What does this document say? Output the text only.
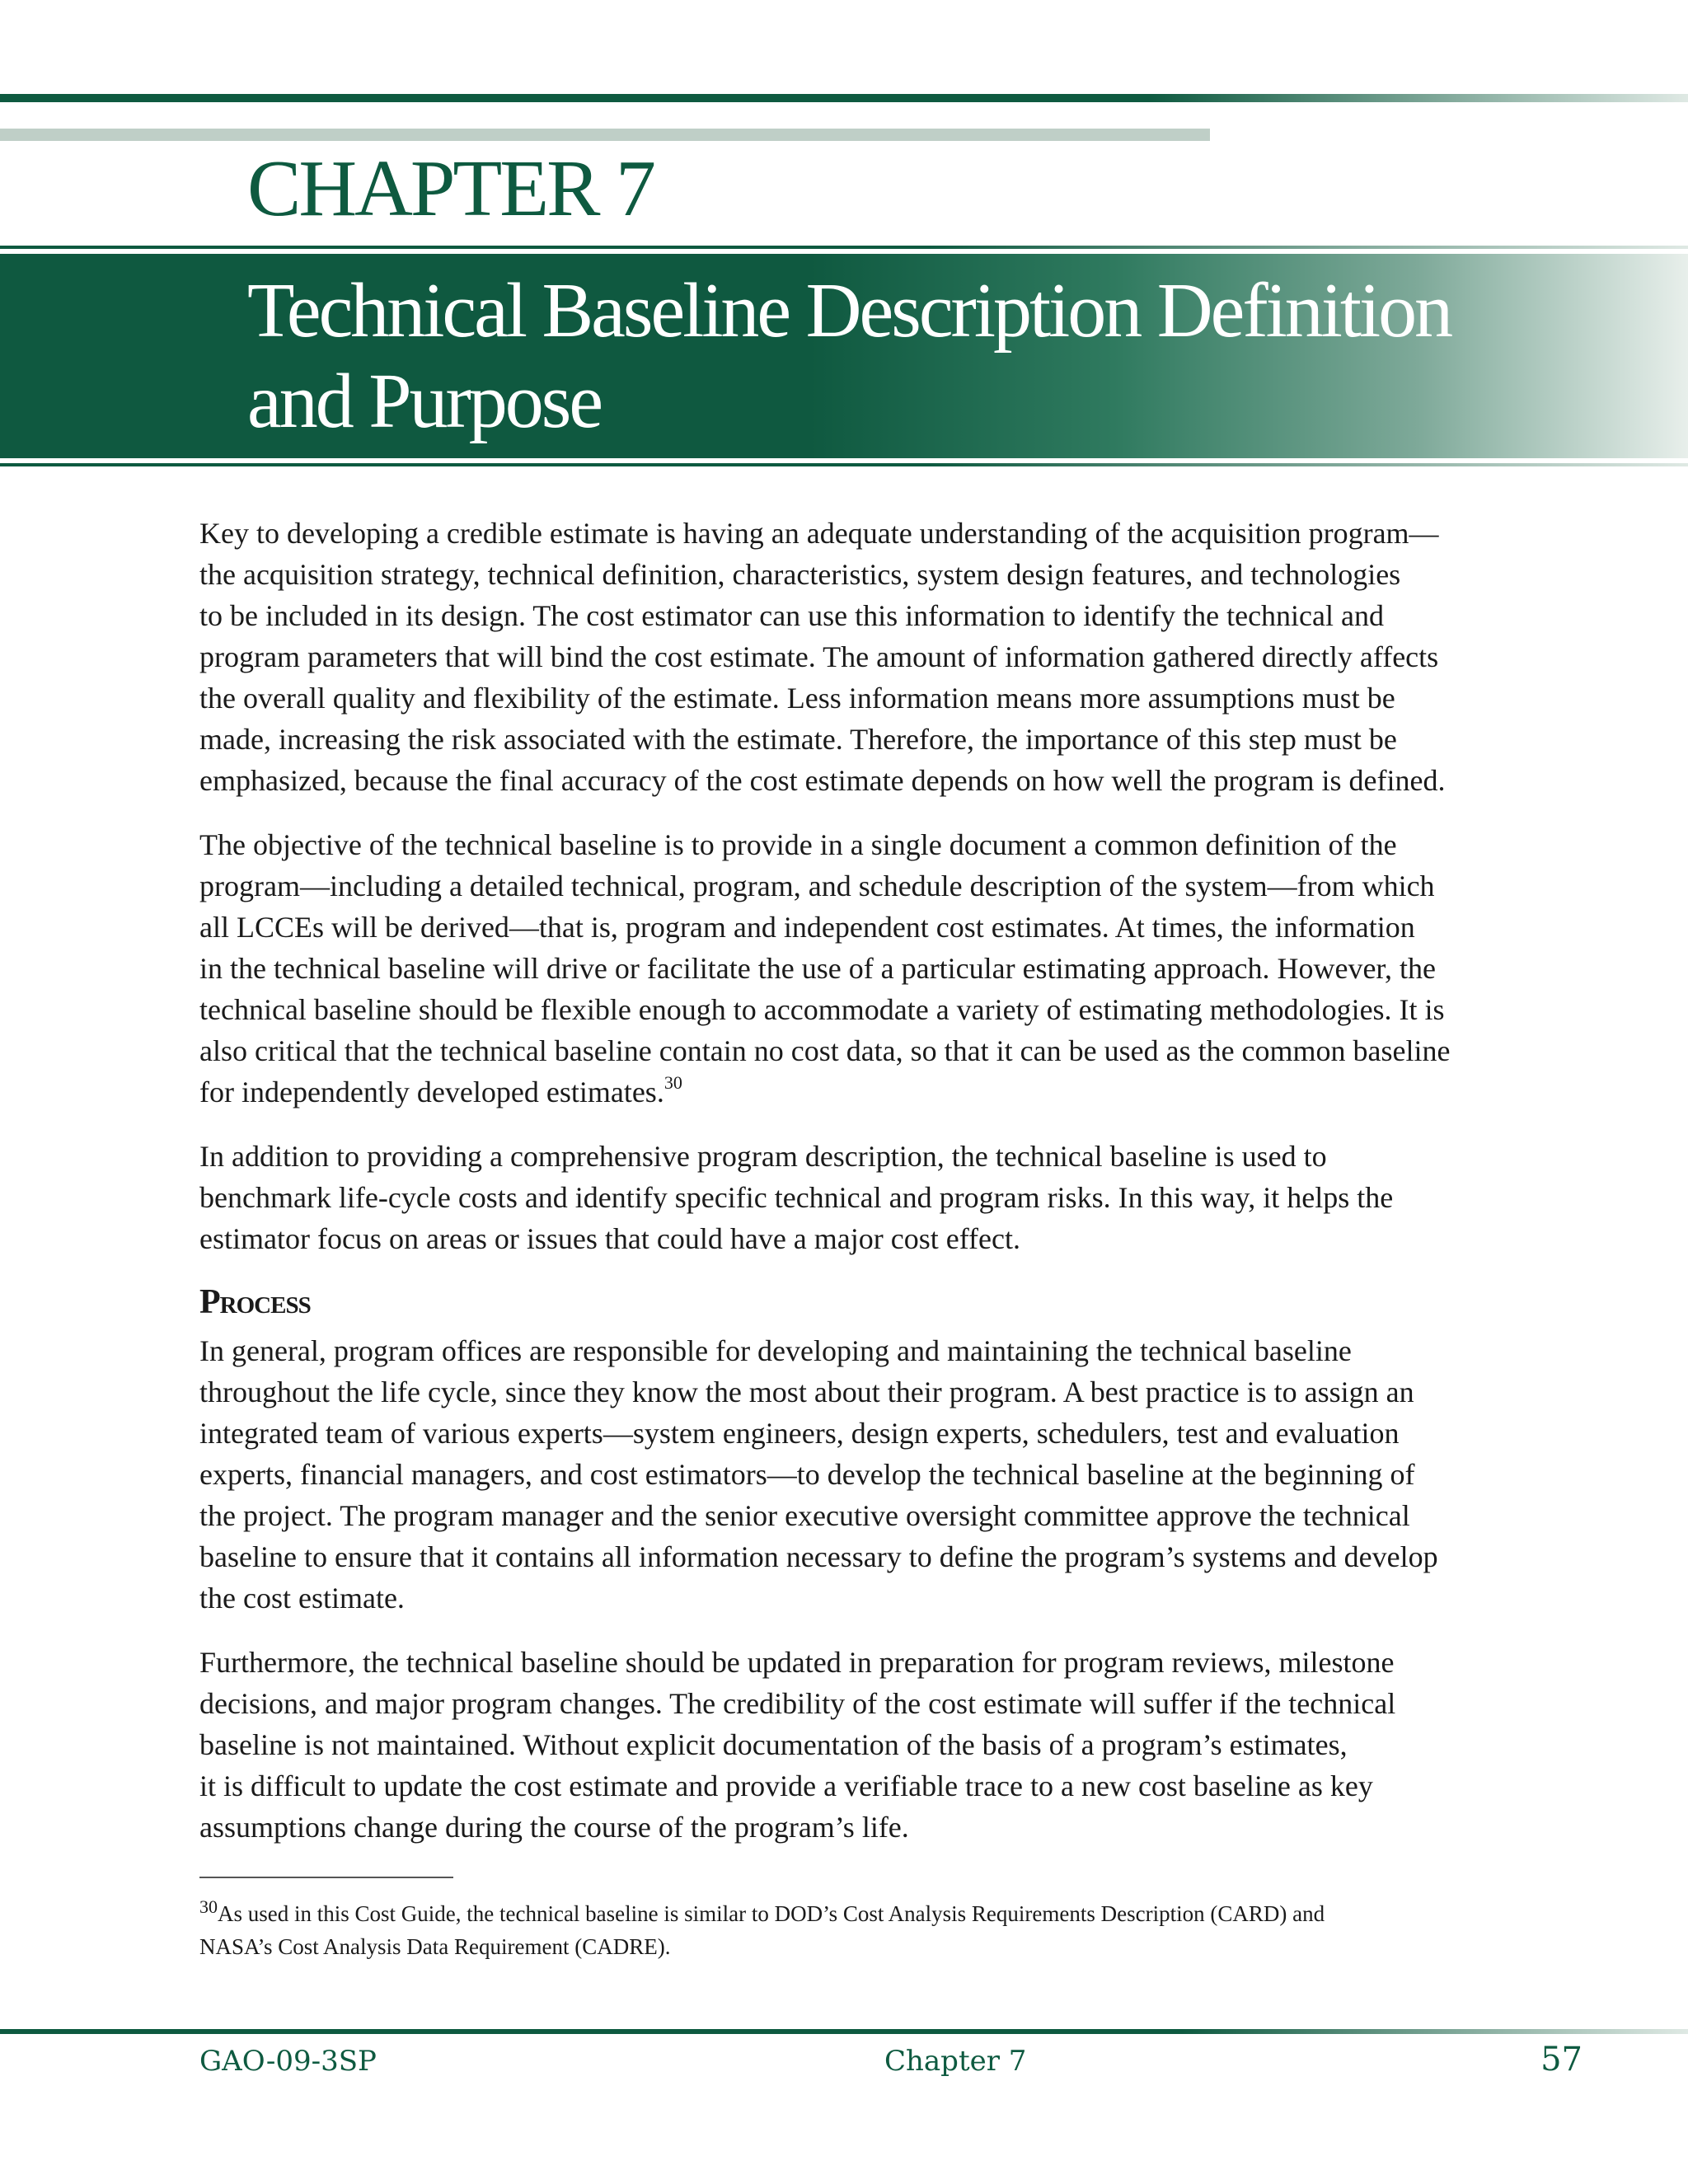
CHAPTER 7
Technical Baseline Description Definition
and Purpose

Key to developing a credible estimate is having an adequate understanding of the acquisition program—
the acquisition strategy, technical definition, characteristics, system design features, and technologies
to be included in its design. The cost estimator can use this information to identify the technical and
program parameters that will bind the cost estimate. The amount of information gathered directly affects
the overall quality and flexibility of the estimate. Less information means more assumptions must be
made, increasing the risk associated with the estimate. Therefore, the importance of this step must be
emphasized, because the final accuracy of the cost estimate depends on how well the program is defined.

The objective of the technical baseline is to provide in a single document a common definition of the
program—including a detailed technical, program, and schedule description of the system—from which
all LCCEs will be derived—that is, program and independent cost estimates. At times, the information
in the technical baseline will drive or facilitate the use of a particular estimating approach. However, the
technical baseline should be flexible enough to accommodate a variety of estimating methodologies. It is
also critical that the technical baseline contain no cost data, so that it can be used as the common baseline
for independently developed estimates.$^{30}$

In addition to providing a comprehensive program description, the technical baseline is used to
benchmark life-cycle costs and identify specific technical and program risks. In this way, it helps the
estimator focus on areas or issues that could have a major cost effect.

Process

In general, program offices are responsible for developing and maintaining the technical baseline
throughout the life cycle, since they know the most about their program. A best practice is to assign an
integrated team of various experts—system engineers, design experts, schedulers, test and evaluation
experts, financial managers, and cost estimators—to develop the technical baseline at the beginning of
the project. The program manager and the senior executive oversight committee approve the technical
baseline to ensure that it contains all information necessary to define the program’s systems and develop
the cost estimate.

Furthermore, the technical baseline should be updated in preparation for program reviews, milestone
decisions, and major program changes. The credibility of the cost estimate will suffer if the technical
baseline is not maintained. Without explicit documentation of the basis of a program’s estimates,
it is difficult to update the cost estimate and provide a verifiable trace to a new cost baseline as key
assumptions change during the course of the program’s life.

$^{30}$As used in this Cost Guide, the technical baseline is similar to DOD’s Cost Analysis Requirements Description (CARD) and
NASA’s Cost Analysis Data Requirement (CADRE).
GAO-09-3SP	Chapter 7	57
